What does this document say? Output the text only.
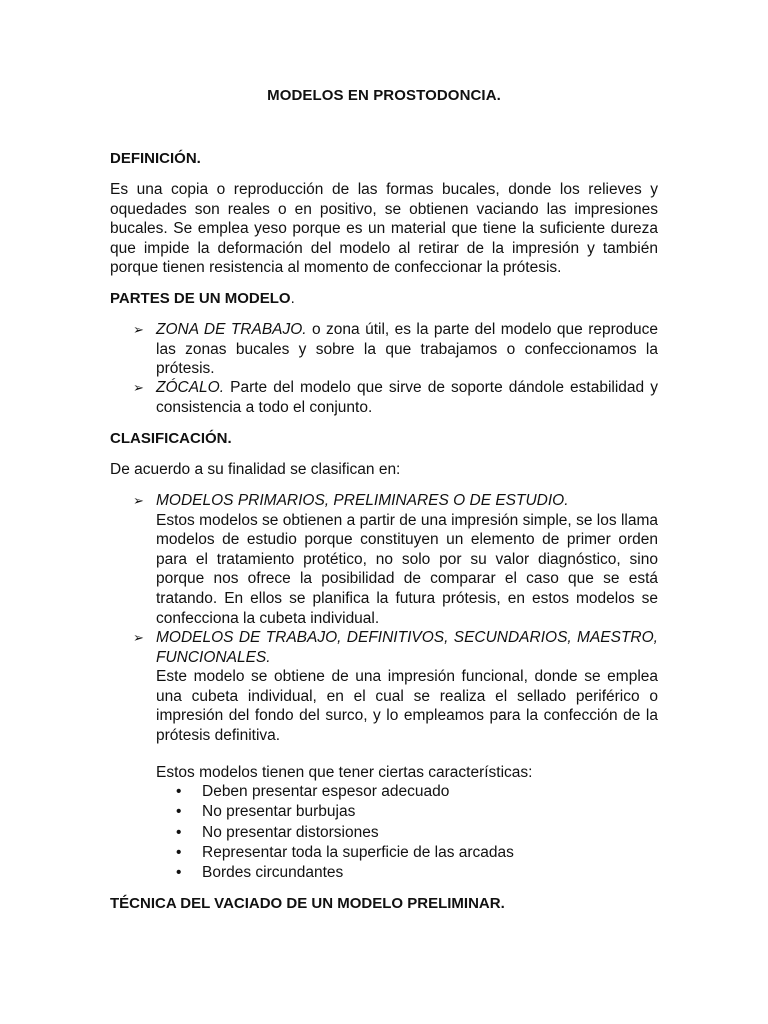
MODELOS EN PROSTODONCIA.
DEFINICIÓN.
Es una copia o reproducción de las formas bucales, donde los relieves y
oquedades son reales o en positivo, se obtienen vaciando las impresiones
bucales. Se emplea yeso porque es un material que tiene la suficiente dureza
que impide la deformación del modelo al retirar de la impresión y también
porque tienen resistencia al momento de confeccionar la prótesis.
PARTES DE UN MODELO.
➢ ZONA DE TRABAJO. o zona útil, es la parte del modelo que reproduce
las zonas bucales y sobre la que trabajamos o confeccionamos la
prótesis.
➢ ZÓCALO. Parte del modelo que sirve de soporte dándole estabilidad y
consistencia a todo el conjunto.
CLASIFICACIÓN.
De acuerdo a su finalidad se clasifican en:
➢ MODELOS PRIMARIOS, PRELIMINARES O DE ESTUDIO.
Estos modelos se obtienen a partir de una impresión simple, se los llama
modelos de estudio porque constituyen un elemento de primer orden
para el tratamiento protético, no solo por su valor diagnóstico, sino
porque nos ofrece la posibilidad de comparar el caso que se está
tratando. En ellos se planifica la futura prótesis, en estos modelos se
confecciona la cubeta individual.
➢ MODELOS DE TRABAJO, DEFINITIVOS, SECUNDARIOS, MAESTRO,
FUNCIONALES.
Este modelo se obtiene de una impresión funcional, donde se emplea
una cubeta individual, en el cual se realiza el sellado periférico o
impresión del fondo del surco, y lo empleamos para la confección de la
prótesis definitiva.
Estos modelos tienen que tener ciertas características:
• Deben presentar espesor adecuado
• No presentar burbujas
• No presentar distorsiones
• Representar toda la superficie de las arcadas
• Bordes circundantes
TÉCNICA DEL VACIADO DE UN MODELO PRELIMINAR.
